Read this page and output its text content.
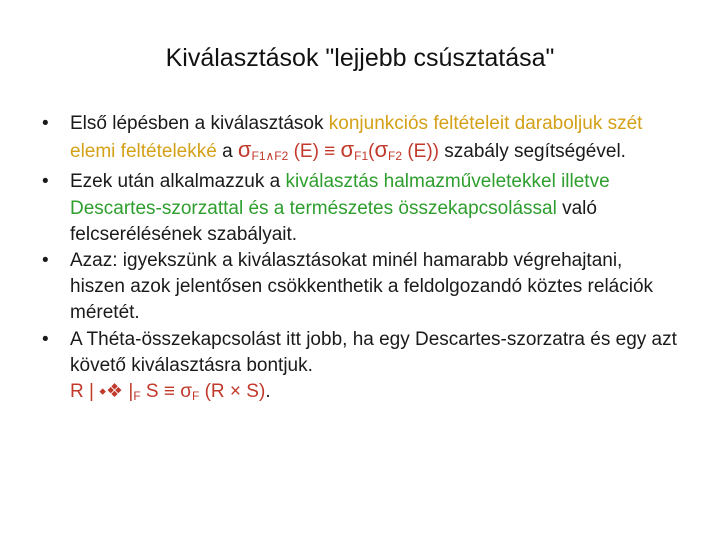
Kiválasztások "lejjebb csúsztatása"
• Első lépésben a kiválasztások konjunkciós feltételeit daraboljuk szét elemi feltételekké a $\sigma_{F1\wedge F2}$ $(E) \equiv \sigma_{F1}(\sigma_{F2}$ (E)) szabály segítségével.
• Ezek után alkalmazzuk a kiválasztás halmazműveletekkel illetve Descartes-szorzattal és a természetes összekapcsolással való felcserélésének szabályait.
• Azaz: igyekszünk a kiválasztásokat minél hamarabb végrehajtani, hiszen azok jelentősen csökkenthetik a feldolgozandó köztes relációk méretét.
• A Théta-összekapcsolást itt jobb, ha egy Descartes-szorzatra és egy azt követő kiválasztásra bontjuk.
R | ⬩❖ $|_F$ $S \equiv \sigma_F$ (R × S).
